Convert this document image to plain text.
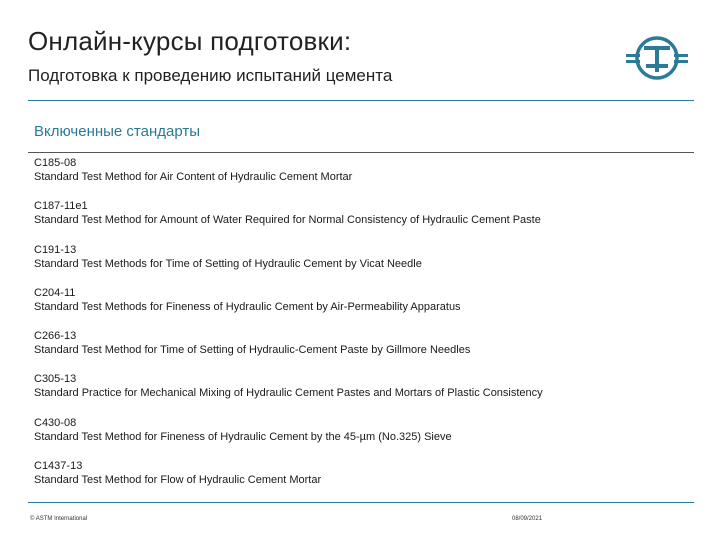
Онлайн-курсы подготовки:
Подготовка к проведению испытаний цемента
Включенные стандарты
C185-08
Standard Test Method for Air Content of Hydraulic Cement Mortar
C187-11e1
Standard Test Method for Amount of Water Required for Normal Consistency of Hydraulic Cement Paste
C191-13
Standard Test Methods for Time of Setting of Hydraulic Cement by Vicat Needle
C204-11
Standard Test Methods for Fineness of Hydraulic Cement by Air-Permeability Apparatus
C266-13
Standard Test Method for Time of Setting of Hydraulic-Cement Paste by Gillmore Needles
C305-13
Standard Practice for Mechanical Mixing of Hydraulic Cement Pastes and Mortars of Plastic Consistency
C430-08
Standard Test Method for Fineness of Hydraulic Cement by the 45-µm (No.325) Sieve
C1437-13
Standard Test Method for Flow of Hydraulic Cement Mortar
© ASTM International	08/09/2021
